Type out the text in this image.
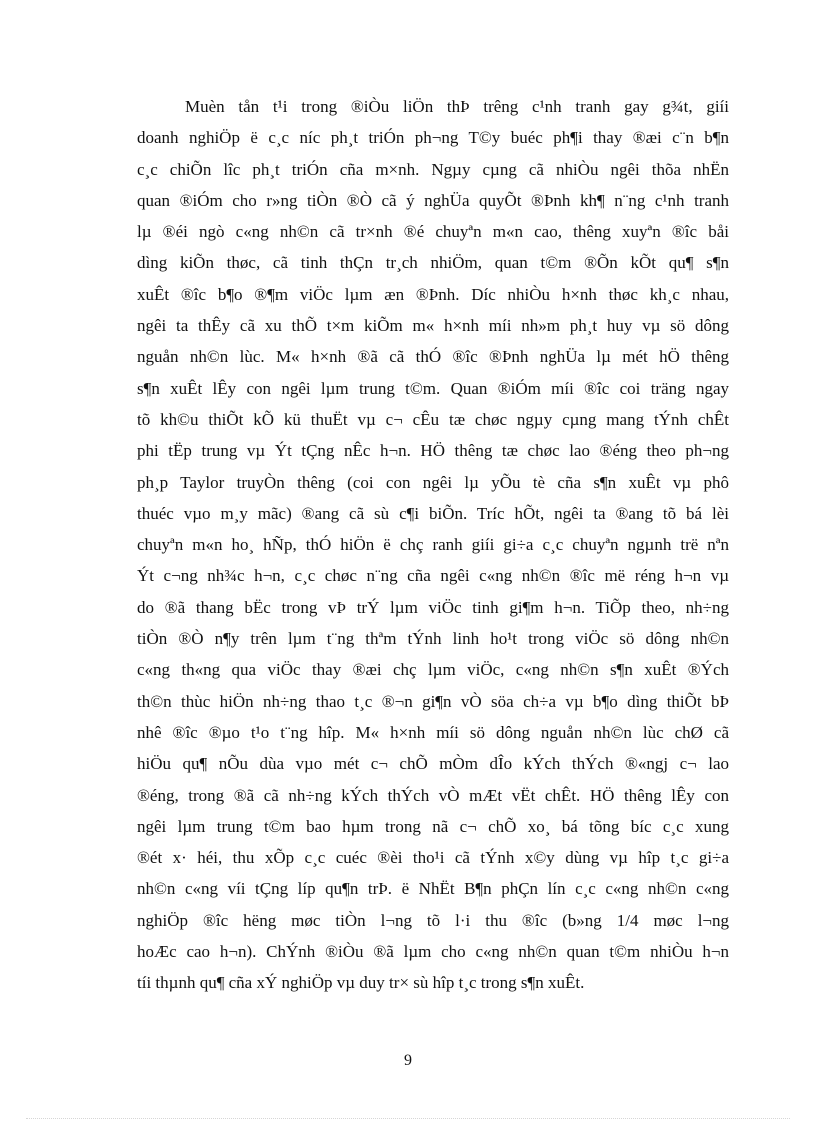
Muèn tån t¹i trong ®iÒu liÖn thÞ trêng c¹nh tranh gay g¾t, giíi
doanh nghiÖp ë c¸c níc ph¸t triÓn ph¬ng T©y buéc ph¶i thay ®æi c¨n b¶n
c¸c chiÕn lîc ph¸t triÓn cña m×nh. Ngµy cµng cã nhiÒu ngêi thõa nhËn
quan ®iÓm cho r»ng tiÒn ®Ò cã ý nghÜa quyÕt ®Þnh kh¶ n¨ng c¹nh tranh
lµ ®éi ngò c«ng nh©n cã tr×nh ®é chuyªn m«n cao, thêng xuyªn ®îc båi
dìng kiÕn thøc, cã tinh thÇn tr¸ch nhiÖm, quan t©m ®Õn kÕt qu¶ s¶n
xuÊt ®îc b¶o ®¶m viÖc lµm æn ®Þnh. Díc nhiÒu h×nh thøc kh¸c nhau,
ngêi ta thÊy cã xu thÕ t×m kiÕm m« h×nh míi nh»m ph¸t huy vµ sö dông
nguån nh©n lùc. M« h×nh ®ã cã thÓ ®îc ®Þnh nghÜa lµ mét hÖ thêng
s¶n xuÊt lÊy con ngêi lµm trung t©m. Quan ®iÓm míi ®îc coi träng ngay
tõ kh©u thiÕt kÕ kü thuËt vµ c¬ cÊu tæ chøc ngµy cµng mang tÝnh chÊt
phi tËp trung vµ Ýt tÇng nÊc h¬n. HÖ thêng tæ chøc lao ®éng theo ph¬ng
ph¸p Taylor truyÒn thêng (coi con ngêi lµ yÕu tè cña s¶n xuÊt vµ phô
thuéc vµo m¸y mãc) ®ang cã sù c¶i biÕn. Tríc hÕt, ngêi ta ®ang tõ bá lèi
chuyªn m«n ho¸ hÑp, thÓ hiÖn ë chç ranh giíi gi÷a c¸c chuyªn ngµnh trë nªn
Ýt c¬ng nh¾c h¬n, c¸c chøc n¨ng cña ngêi c«ng nh©n ®îc më réng h¬n vµ
do ®ã thang bËc trong vÞ trÝ lµm viÖc tinh gi¶m h¬n. TiÕp theo, nh÷ng
tiÒn ®Ò n¶y trên lµm t¨ng thªm tÝnh linh ho¹t trong viÖc sö dông nh©n
c«ng th«ng qua viÖc thay ®æi chç lµm viÖc, c«ng nh©n s¶n xuÊt ®Ých
th©n thùc hiÖn nh÷ng thao t¸c ®¬n gi¶n vÒ söa ch÷a vµ b¶o dìng thiÕt bÞ
nhê ®îc ®µo t¹o t¨ng hîp. M« h×nh míi sö dông nguån nh©n lùc chØ cã
hiÖu qu¶ nÕu dùa vµo mét c¬ chÕ mÒm dÎo kÝch thÝch ®«ngj c¬ lao
®éng, trong ®ã cã nh÷ng kÝch thÝch vÒ mÆt vËt chÊt. HÖ thêng lÊy con
ngêi lµm trung t©m bao hµm trong nã c¬ chÕ xo¸ bá tõng bíc c¸c xung
®ét x· héi, thu xÕp c¸c cuéc ®èi tho¹i cã tÝnh x©y dùng vµ hîp t¸c gi÷a
nh©n c«ng víi tÇng líp qu¶n trÞ. ë NhËt B¶n phÇn lín c¸c c«ng nh©n c«ng
nghiÖp ®îc hëng møc tiÒn l¬ng tõ l·i thu ®îc (b»ng 1/4 møc l¬ng
hoÆc cao h¬n). ChÝnh ®iÒu ®ã lµm cho c«ng nh©n quan t©m nhiÒu h¬n
tíi thµnh qu¶ cña xÝ nghiÖp vµ duy tr× sù hîp t¸c trong s¶n xuÊt.
9
